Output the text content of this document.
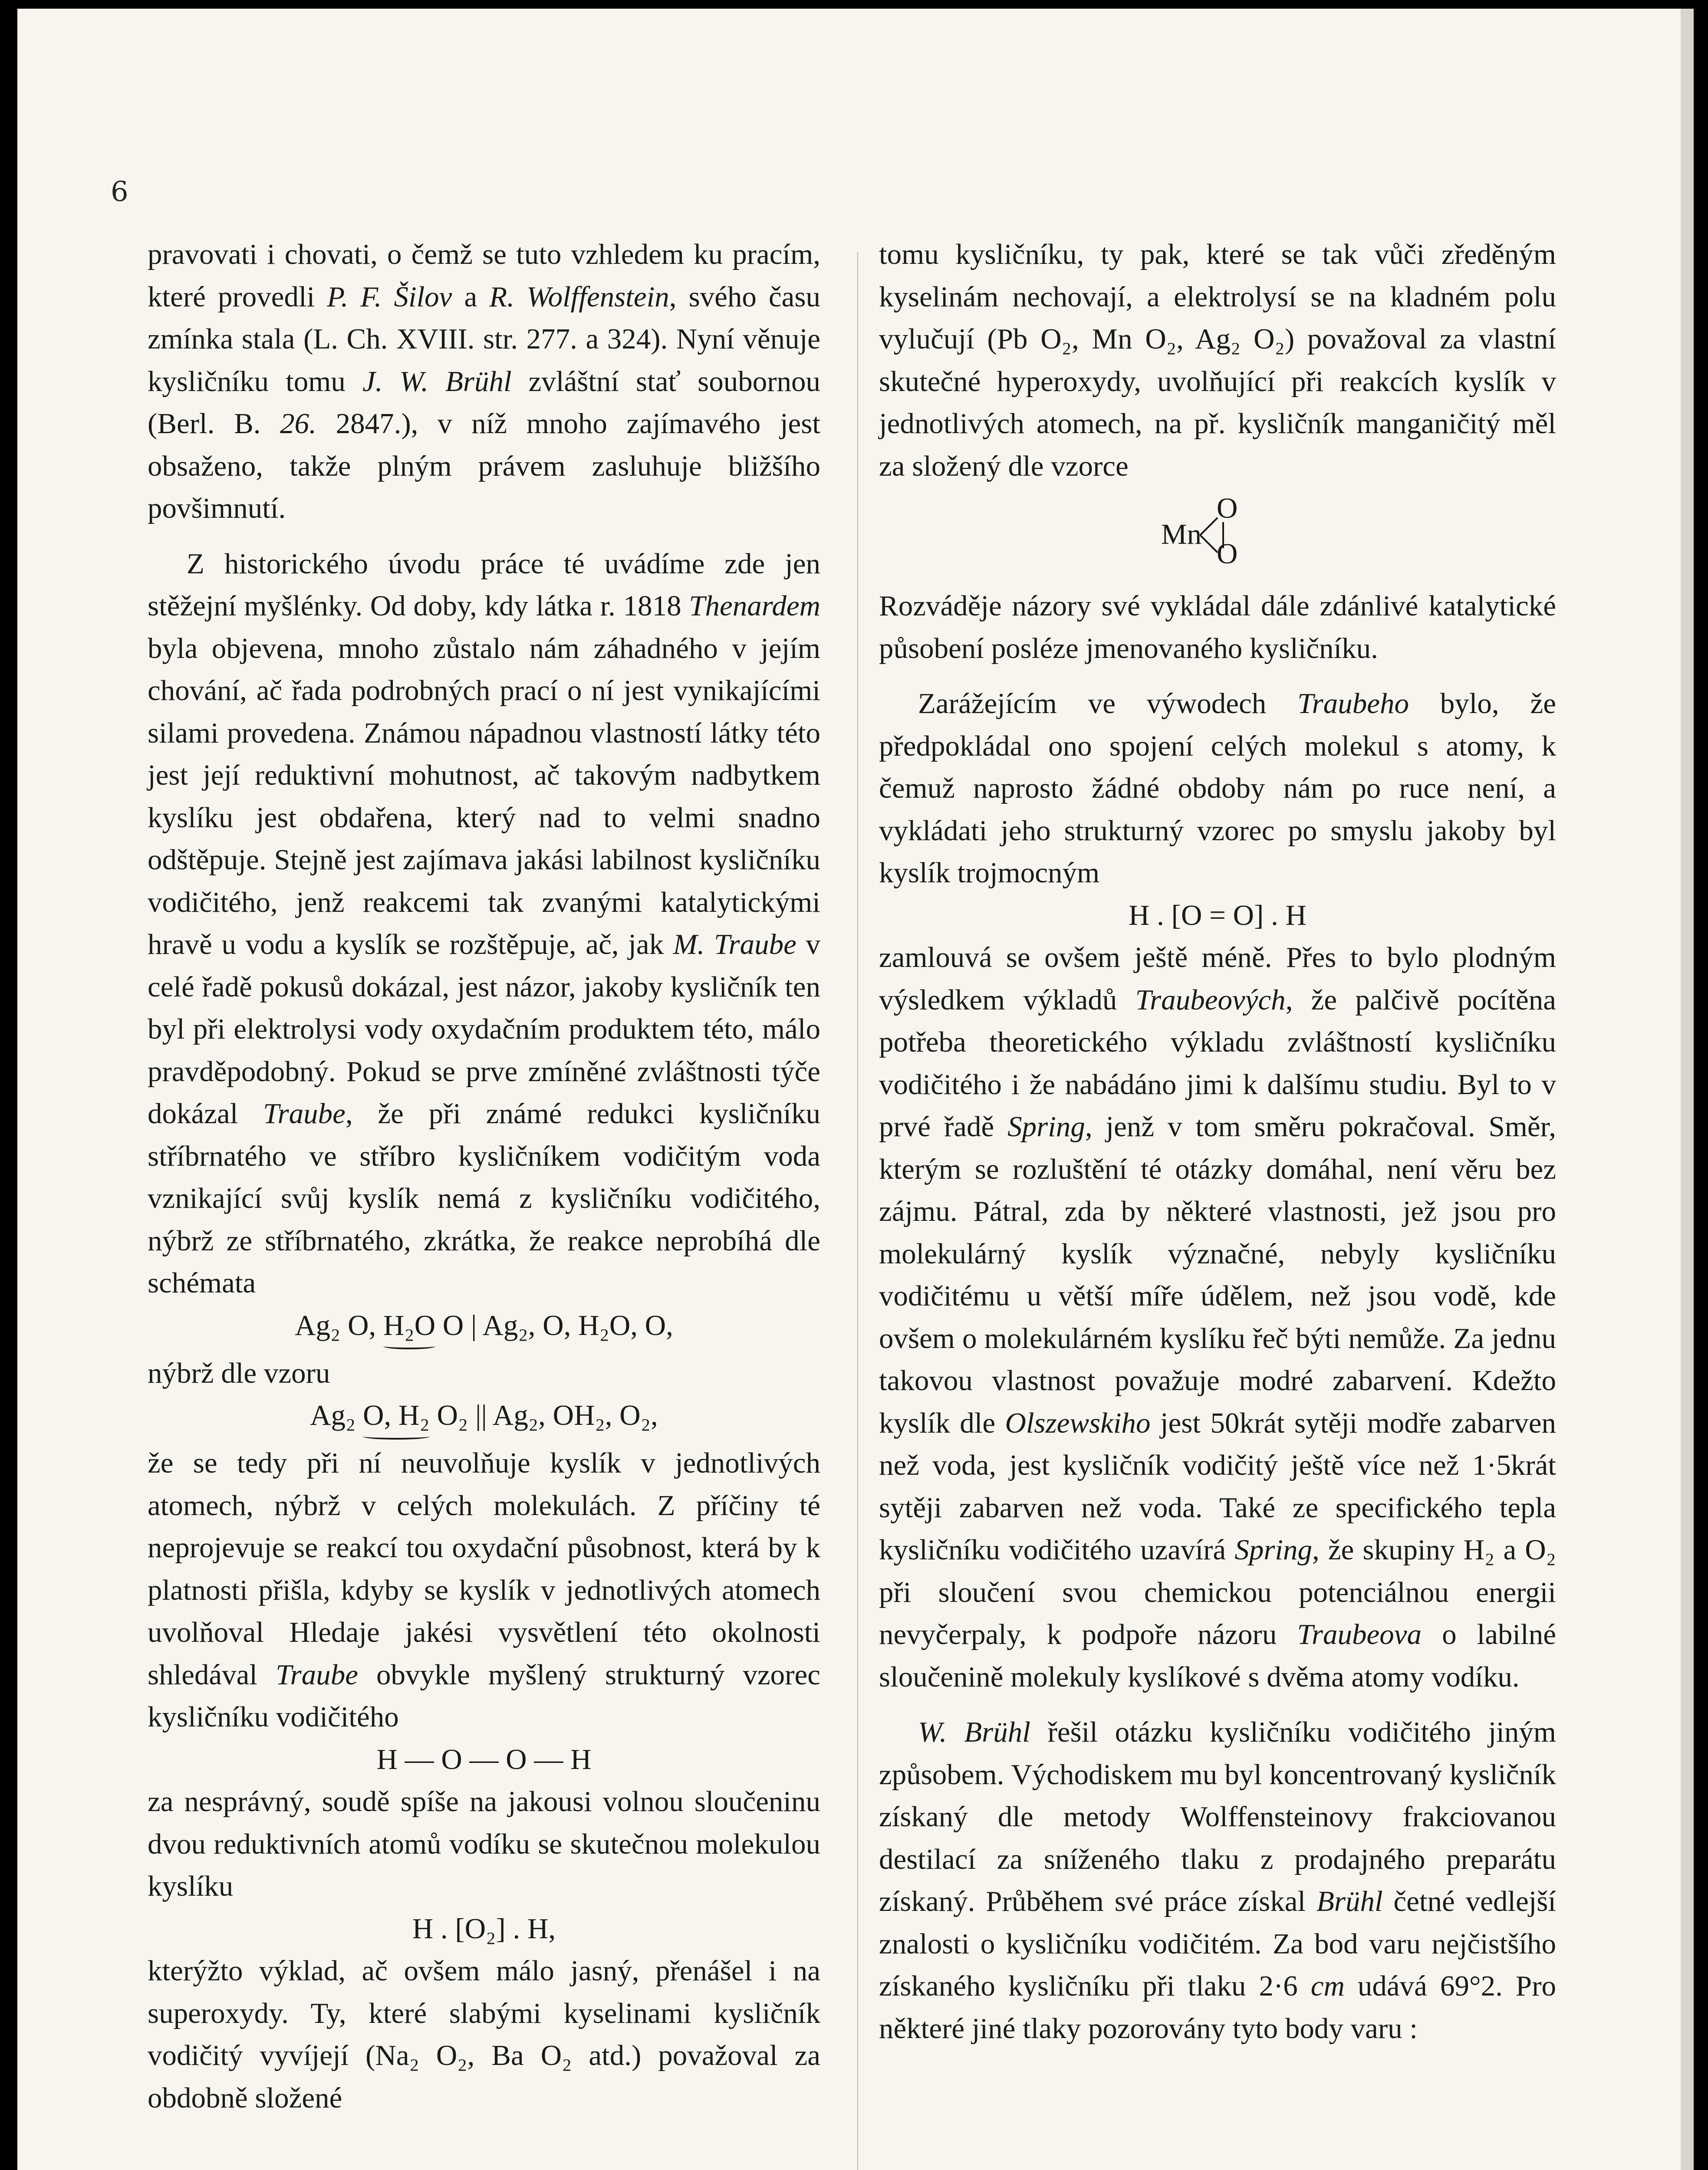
6

pravovati i chovati, o čemž se tuto vzhledem ku pracím, které provedli P. F. Šilov a R. Wolffenstein, svého času zmínka stala (L. Ch. XVIII. str. 277. a 324). Nyní věnuje kysličníku tomu J. W. Brühl zvláštní stať soubornou (Berl. B. 26. 2847.), v níž mnoho zajímavého jest obsaženo, takže plným právem zasluhuje bližšího povšimnutí.

Z historického úvodu práce té uvádíme zde jen stěžejní myšlénky. Od doby, kdy látka r. 1818 Thenardem byla objevena, mnoho zůstalo nám záhadného v jejím chování, ač řada podrobných prací o ní jest vynikajícími silami provedena. Známou nápadnou vlastností látky této jest její reduktivní mohutnost, ač takovým nadbytkem kyslíku jest obdařena, který nad to velmi snadno odštěpuje. Stejně jest zajímava jakási labilnost kysličníku vodičitého, jenž reakcemi tak zvanými katalytickými hravě u vodu a kyslík se rozštěpuje, ač, jak M. Traube v celé řadě pokusů dokázal, jest názor, jakoby kysličník ten byl při elektrolysi vody oxydačním produktem této, málo pravděpodobný. Pokud se prve zmíněné zvláštnosti týče dokázal Traube, že při známé redukci kysličníku stříbrnatého ve stříbro kysličníkem vodičitým voda vznikající svůj kyslík nemá z kysličníku vodičitého, nýbrž ze stříbrnatého, zkrátka, že reakce neprobíhá dle schémata

Ag₂ O, H₂O O | Ag₂, O, H₂O, O,

nýbrž dle vzoru

Ag₂ O, H₂ O₂ || Ag₂, OH₂, O₂,

že se tedy při ní neuvolňuje kyslík v jednotlivých atomech, nýbrž v celých molekulách. Z příčiny té neprojevuje se reakcí tou oxydační působnost, která by k platnosti přišla, kdyby se kyslík v jednotlivých atomech uvolňoval Hledaje jakési vysvětlení této okolnosti shledával Traube obvykle myšlený strukturný vzorec kysličníku vodičitého

H — O — O — H

za nesprávný, soudě spíše na jakousi volnou sloučeninu dvou reduktivních atomů vodíku se skutečnou molekulou kyslíku

H . [O₂] . H,

kterýžto výklad, ač ovšem málo jasný, přenášel i na superoxydy. Ty, které slabými kyselinami kysličník vodičitý vyvíjejí (Na₂ O₂, Ba O₂ atd.) považoval za obdobně složené

tomu kysličníku, ty pak, které se tak vůči zředěným kyselinám nechovají, a elektrolysí se na kladném polu vylučují (Pb O₂, Mn O₂, Ag₂ O₂) považoval za vlastní skutečné hyperoxydy, uvolňující při reakcích kyslík v jednotlivých atomech, na př. kysličník manganičitý měl za složený dle vzorce

Mn
O
O

Rozváděje názory své vykládal dále zdánlivé katalytické působení posléze jmenovaného kysličníku.

Zarážejícím ve výwodech Traubeho bylo, že předpokládal ono spojení celých molekul s atomy, k čemuž naprosto žádné obdoby nám po ruce není, a vykládati jeho strukturný vzorec po smyslu jakoby byl kyslík trojmocným

H . [O = O] . H

zamlouvá se ovšem ještě méně. Přes to bylo plodným výsledkem výkladů Traubeových, že palčivě pocítěna potřeba theoretického výkladu zvláštností kysličníku vodičitého i že nabádáno jimi k dalšímu studiu. Byl to v prvé řadě Spring, jenž v tom směru pokračoval. Směr, kterým se rozluštění té otázky domáhal, není věru bez zájmu. Pátral, zda by některé vlastnosti, jež jsou pro molekulárný kyslík význačné, nebyly kysličníku vodičitému u větší míře údělem, než jsou vodě, kde ovšem o molekulárném kyslíku řeč býti nemůže. Za jednu takovou vlastnost považuje modré zabarvení. Kdežto kyslík dle Olszewskiho jest 50krát sytěji modře zabarven než voda, jest kysličník vodičitý ještě více než 1·5krát sytěji zabarven než voda. Také ze specifického tepla kysličníku vodičitého uzavírá Spring, že skupiny H₂ a O₂ při sloučení svou chemickou potenciálnou energii nevyčerpaly, k podpoře názoru Traubeova o labilné sloučenině molekuly kyslíkové s dvěma atomy vodíku.

W. Brühl řešil otázku kysličníku vodičitého jiným způsobem. Východiskem mu byl koncentrovaný kysličník získaný dle metody Wolffensteinovy frakciovanou destilací za sníženého tlaku z prodajného preparátu získaný. Průběhem své práce získal Brühl četné vedlejší znalosti o kysličníku vodičitém. Za bod varu nejčistšího získaného kysličníku při tlaku 2·6 cm udává 69°2. Pro některé jiné tlaky pozorovány tyto body varu :
